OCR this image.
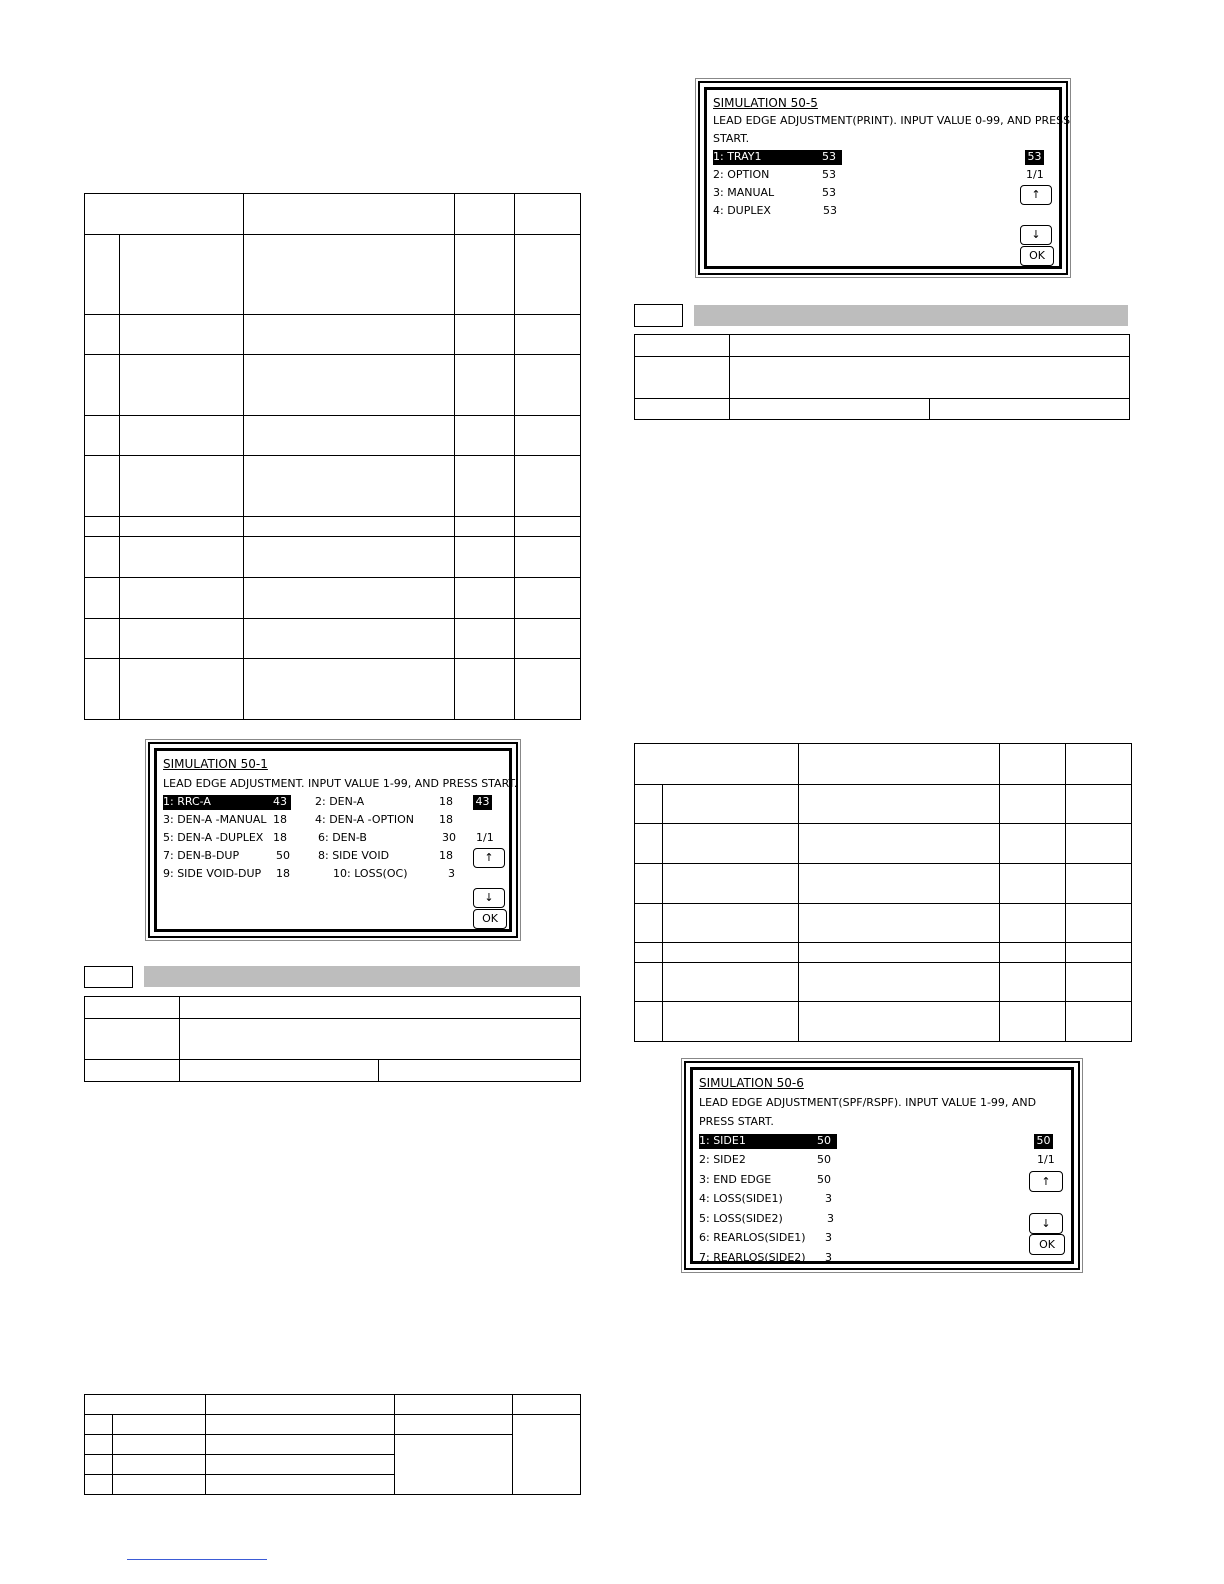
SIMULATION 50-1
LEAD EDGE ADJUSTMENT. INPUT VALUE 1-99, AND PRESS START.
1: RRC-A	43	2: DEN-A	18
3: DEN-A -MANUAL 18	4: DEN-A -OPTION 18
5: DEN-A -DUPLEX 18	6: DEN-B	30
7: DEN-B-DUP	50	8: SIDE VOID	18
9: SIDE VOID-DUP 18	10: LOSS(OC)	3
43
1/1
↑
↓
OK

SIMULATION 50-5
LEAD EDGE ADJUSTMENT(PRINT). INPUT VALUE 0-99, AND PRESS
START.
1: TRAY1	53
2: OPTION	53
3: MANUAL	53
4: DUPLEX	53
53
1/1
↑
↓
OK

SIMULATION 50-6
LEAD EDGE ADJUSTMENT(SPF/RSPF). INPUT VALUE 1-99, AND
PRESS START.
1: SIDE1	50
2: SIDE2	50
3: END EDGE	50
4: LOSS(SIDE1)	3
5: LOSS(SIDE2)	3
6: REARLOS(SIDE1) 3
7: REARLOS(SIDE2) 3
50
1/1
↑
↓
OK
